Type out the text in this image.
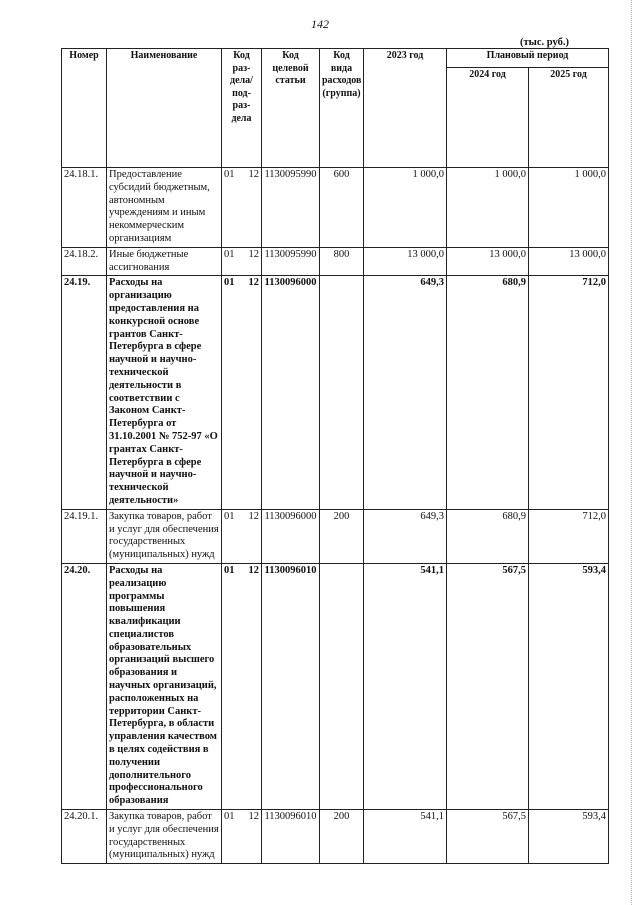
142
(тыс. руб.)
Номер	Наименование	Код раз-дела/ под-раз-дела	Код целевой статьи	Код вида расходов (группа)	2023 год	Плановый период	
						2024 год	2025 год
24.18.1.	Предоставление субсидий бюджетным, автономным учреждениям и иным некоммерческим организациям	01 12	1130095990	600	1 000,0	1 000,0	1 000,0
24.18.2.	Иные бюджетные ассигнования	01 12	1130095990	800	13 000,0	13 000,0	13 000,0
24.19.	Расходы на организацию предоставления на конкурсной основе грантов Санкт-Петербурга в сфере научной и научно-технической деятельности в соответствии с Законом Санкт-Петербурга от 31.10.2001 № 752-97 «О грантах Санкт-Петербурга в сфере научной и научно-технической деятельности»	01 12	1130096000		649,3	680,9	712,0
24.19.1.	Закупка товаров, работ и услуг для обеспечения государственных (муниципальных) нужд	01 12	1130096000	200	649,3	680,9	712,0
24.20.	Расходы на реализацию программы повышения квалификации специалистов образовательных организаций высшего образования и научных организаций, расположенных на территории Санкт-Петербурга, в области управления качеством в целях содействия в получении дополнительного профессионального образования	01 12	1130096010		541,1	567,5	593,4
24.20.1.	Закупка товаров, работ и услуг для обеспечения государственных (муниципальных) нужд	01 12	1130096010	200	541,1	567,5	593,4
